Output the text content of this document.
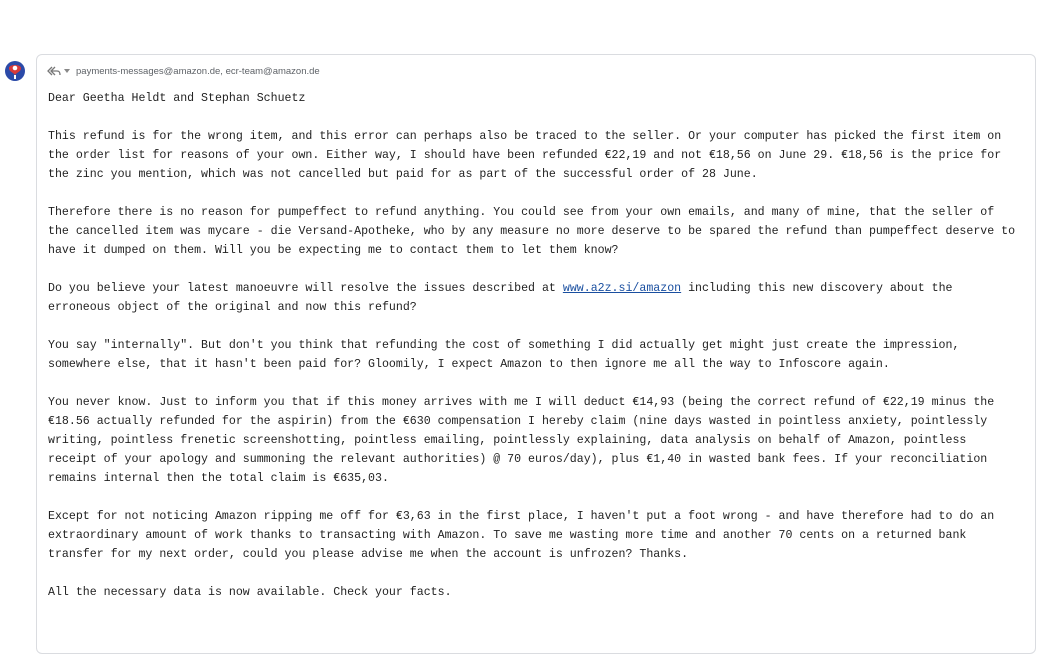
payments-messages@amazon.de, ecr-team@amazon.de

Dear Geetha Heldt and Stephan Schuetz

This refund is for the wrong item, and this error can perhaps also be traced to the seller. Or your computer has picked the first item on
the order list for reasons of your own. Either way, I should have been refunded €22,19 and not €18,56 on June 29. €18,56 is the price for
the zinc you mention, which was not cancelled but paid for as part of the successful order of 28 June.

Therefore there is no reason for pumpeffect to refund anything. You could see from your own emails, and many of mine, that the seller of
the cancelled item was mycare - die Versand-Apotheke, who by any measure no more deserve to be spared the refund than pumpeffect deserve to
have it dumped on them. Will you be expecting me to contact them to let them know?

Do you believe your latest manoeuvre will resolve the issues described at www.a2z.si/amazon including this new discovery about the
erroneous object of the original and now this refund?

You say "internally". But don't you think that refunding the cost of something I did actually get might just create the impression,
somewhere else, that it hasn't been paid for? Gloomily, I expect Amazon to then ignore me all the way to Infoscore again.

You never know. Just to inform you that if this money arrives with me I will deduct €14,93 (being the correct refund of €22,19 minus the
€18.56 actually refunded for the aspirin) from the €630 compensation I hereby claim (nine days wasted in pointless anxiety, pointlessly
writing, pointless frenetic screenshotting, pointless emailing, pointlessly explaining, data analysis on behalf of Amazon, pointless
receipt of your apology and summoning the relevant authorities) @ 70 euros/day), plus €1,40 in wasted bank fees. If your reconciliation
remains internal then the total claim is €635,03.

Except for not noticing Amazon ripping me off for €3,63 in the first place, I haven't put a foot wrong - and have therefore had to do an
extraordinary amount of work thanks to transacting with Amazon. To save me wasting more time and another 70 cents on a returned bank
transfer for my next order, could you please advise me when the account is unfrozen? Thanks.

All the necessary data is now available. Check your facts.
